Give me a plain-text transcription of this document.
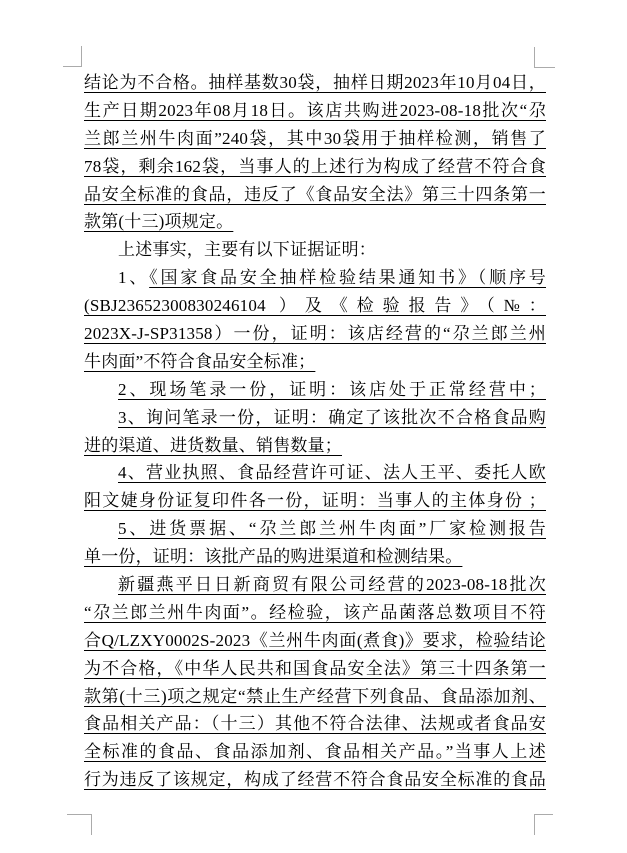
结论为不合格。抽样基数30袋，抽样日期2023年10月04日，
生产日期2023年08月18日。该店共购进2023-08-18批次“尕
兰郎兰州牛肉面”240袋，其中30袋用于抽样检测，销售了
78袋，剩余162袋，当事人的上述行为构成了经营不符合食
品安全标准的食品，违反了《食品安全法》第三十四条第一
款第(十三)项规定。
上述事实，主要有以下证据证明：
1、《国家食品安全抽样检验结果通知书》（顺序号
(SBJ23652300830246104 ）及《检验报告》（№：
2023X-J-SP31358）一份，证明：该店经营的“尕兰郎兰州
牛肉面”不符合食品安全标准；
2、现场笔录一份，证明：该店处于正常经营中；
3、询问笔录一份，证明：确定了该批次不合格食品购
进的渠道、进货数量、销售数量；
4、营业执照、食品经营许可证、法人王平、委托人欧
阳文婕身份证复印件各一份，证明：当事人的主体身份 ；
5、进货票据、“尕兰郎兰州牛肉面”厂家检测报告
单一份，证明：该批产品的购进渠道和检测结果。
新疆燕平日日新商贸有限公司经营的2023-08-18批次
“尕兰郎兰州牛肉面”。经检验，该产品菌落总数项目不符
合Q/LZXY0002S-2023《兰州牛肉面(煮食)》要求，检验结论
为不合格，《中华人民共和国食品安全法》第三十四条第一
款第(十三)项之规定“禁止生产经营下列食品、食品添加剂、
食品相关产品：（十三）其他不符合法律、法规或者食品安
全标准的食品、食品添加剂、食品相关产品。”当事人上述
行为违反了该规定，构成了经营不符合食品安全标准的食品
